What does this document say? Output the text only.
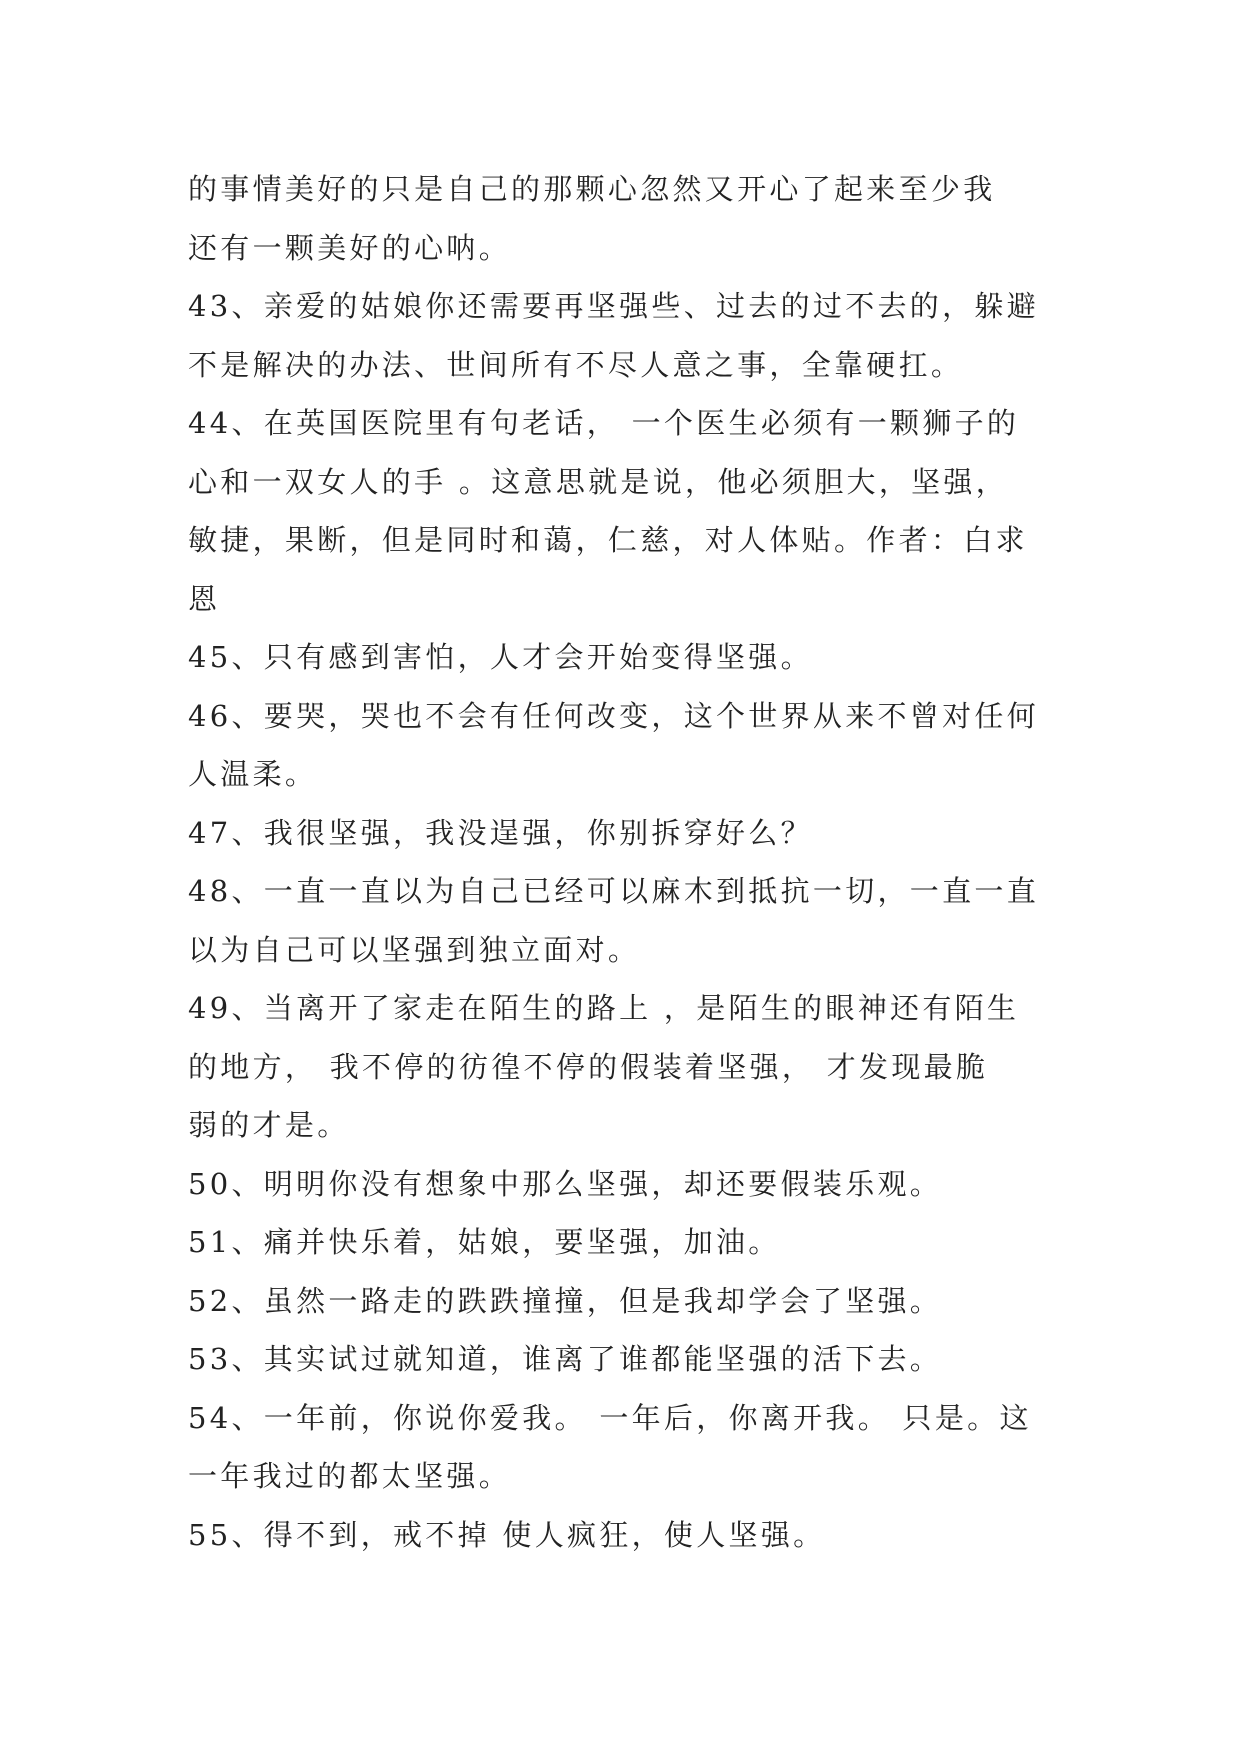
的事情美好的只是自己的那颗心忽然又开心了起来至少我
还有一颗美好的心呐。
43、亲爱的姑娘你还需要再坚强些、过去的过不去的，躲避
不是解决的办法、世间所有不尽人意之事，全靠硬扛。
44、在英国医院里有句老话， 一个医生必须有一颗狮子的
心和一双女人的手 。这意思就是说，他必须胆大，坚强，
敏捷，果断，但是同时和蔼，仁慈，对人体贴。作者：白求
恩
45、只有感到害怕，人才会开始变得坚强。
46、要哭，哭也不会有任何改变，这个世界从来不曾对任何
人温柔。
47、我很坚强，我没逞强，你别拆穿好么？
48、一直一直以为自己已经可以麻木到抵抗一切，一直一直
以为自己可以坚强到独立面对。
49、当离开了家走在陌生的路上 ，是陌生的眼神还有陌生
的地方， 我不停的彷徨不停的假装着坚强， 才发现最脆
弱的才是。
50、明明你没有想象中那么坚强，却还要假装乐观。
51、痛并快乐着，姑娘，要坚强，加油。
52、虽然一路走的跌跌撞撞，但是我却学会了坚强。
53、其实试过就知道，谁离了谁都能坚强的活下去。
54、一年前，你说你爱我。 一年后，你离开我。 只是。这
一年我过的都太坚强。
55、得不到，戒不掉 使人疯狂，使人坚强。
